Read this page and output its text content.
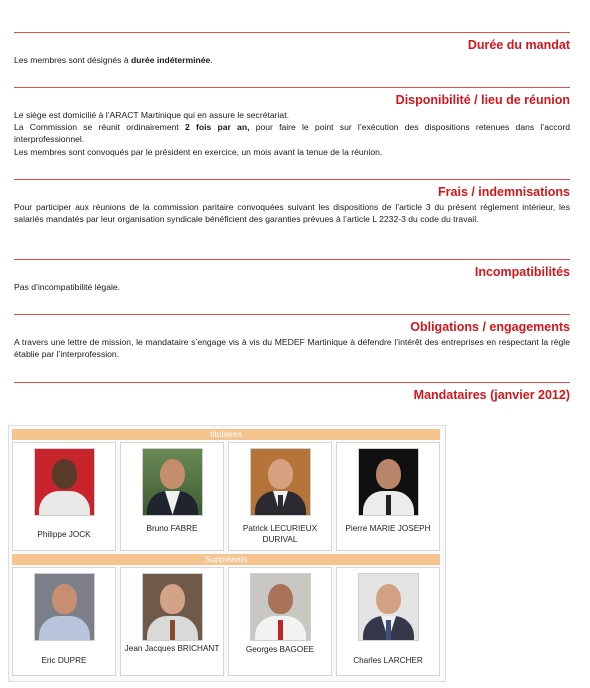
Durée du mandat

Les membres sont désignés à durée indéterminée.

Disponibilité / lieu de réunion

Le siège est domicilié à l’ARACT Martinique qui en assure le secrétariat.

La Commission se réunit ordinairement 2 fois par an, pour faire le point sur l’exécution des dispositions retenues dans l’accord interprofessionnel.

Les membres sont convoqués par le président en exercice, un mois avant la tenue de la réunion.

Frais / indemnisations
Pour participer aux réunions de la commission paritaire convoquées suivant les dispositions de l’article 3 du présent règlement intérieur, les salariés mandatés par leur organisation syndicale bénéficient des garanties prévues à l’article L 2232-3 du code du travail.
Incompatibilités
Pas d’incompatibilité légale.
Obligations / engagements
A travers une lettre de mission, le mandataire s’engage vis à vis du MEDEF Martinique à défendre l’intérêt des entreprises en respectant la règle établie par l’interprofession.
Mandataires (janvier 2012)
titulaires
Philippe JOCK
Bruno FABRE	Patrick LECURIEUX DURIVAL
Pierre MARIE JOSEPH
Suppléants
Eric DUPRE
Jean Jacques BRICHANT	Georges BAGOEE
Charles LARCHER
